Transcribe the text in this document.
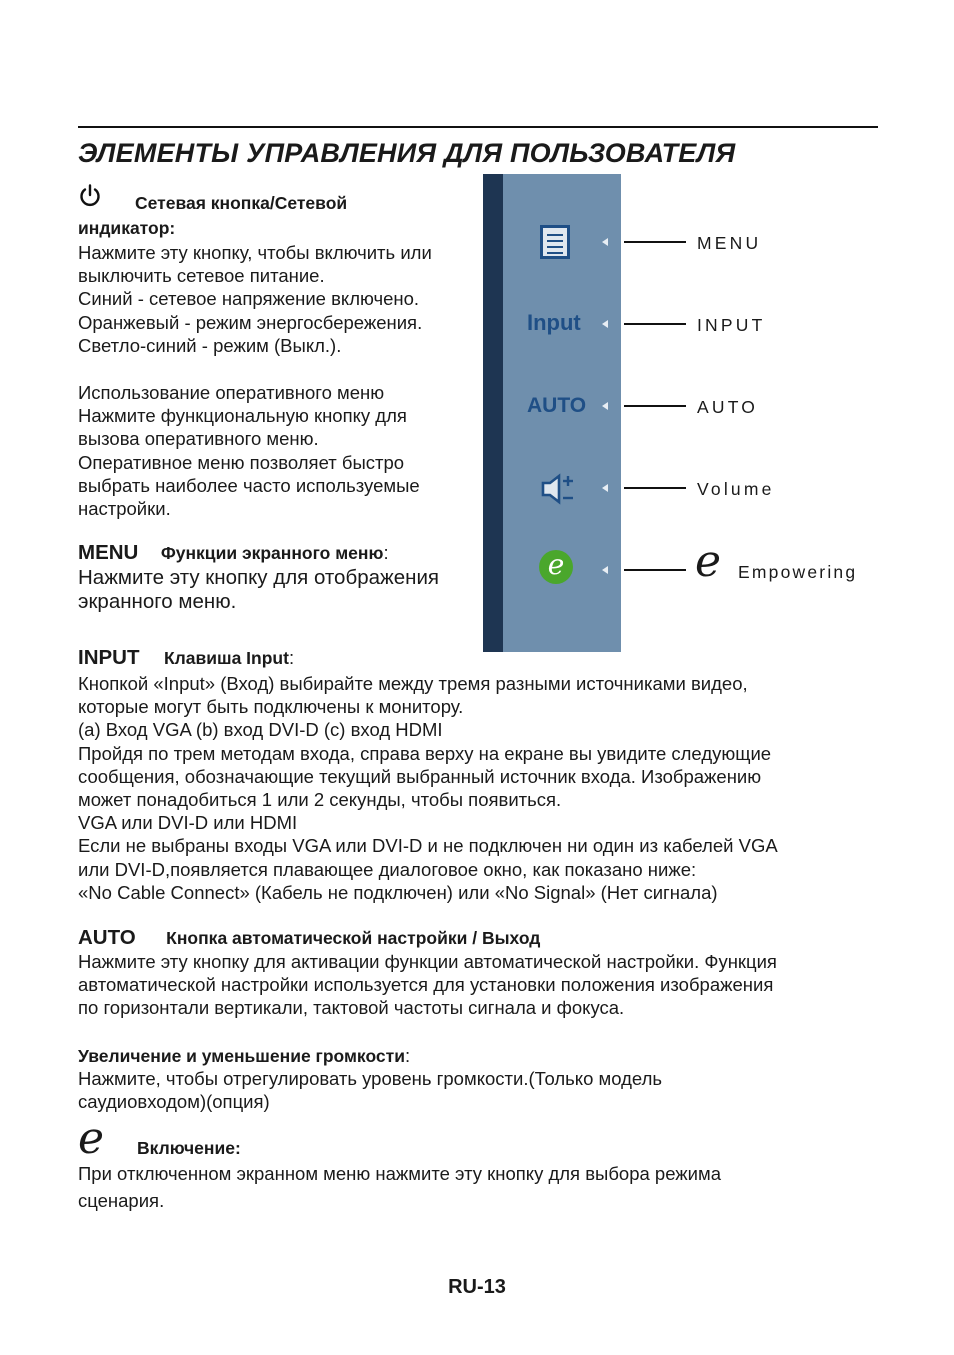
ЭЛЕМЕНТЫ УПРАВЛЕНИЯ ДЛЯ ПОЛЬЗОВАТЕЛЯ
Сетевая кнопка/Сетевой
индикатор:
Нажмите эту кнопку, чтобы включить или
выключить сетевое питание.
Синий - сетевое напряжение включено.
Оранжевый - режим энергосбережения.
Светло-синий - режим (Выкл.).
Использование оперативного меню
Нажмите функциональную кнопку для
вызова оперативного меню.
Оперативное меню позволяет быстро
выбрать наиболее часто используемые
настройки.
MENU Функции экранного меню:
Нажмите эту кнопку для отображения
экранного меню.
Input
AUTO
e
MENU
INPUT
AUTO
Volume
e Empowering
INPUT Клавиша Input:
Кнопкой «Input» (Вход) выбирайте между тремя разными источниками видео,
которые могут быть подключены к монитору.
(a) Вход VGA (b) вход DVI-D (c) вход HDMI
Пройдя по трем методам входа, справа верху на екране вы увидите следующие
сообщения, обозначающие текущий выбранный источник входа. Изображению
может понадобиться 1 или 2 секунды, чтобы появиться.
VGA или DVI-D или HDMI
Если не выбраны входы VGA или DVI-D и не подключен ни один из кабелей VGA
или DVI-D,появляется плавающее диалоговое окно, как показано ниже:
«No Cable Connect» (Кабель не подключен) или «No Signal» (Нет сигнала)
AUTO Кнопка автоматической настройки / Выход
Нажмите эту кнопку для активации функции автоматической настройки. Функция
автоматической настройки используется для установки положения изображения
по горизонтали вертикали, тактовой частоты сигнала и фокуса.
Увеличение и уменьшение громкости:
Нажмите, чтобы отрегулировать уровень громкости.(Только модель
саудиовходом)(опция)
e Включение:
При отключенном экранном меню нажмите эту кнопку для выбора режима
сценария.
RU-13
